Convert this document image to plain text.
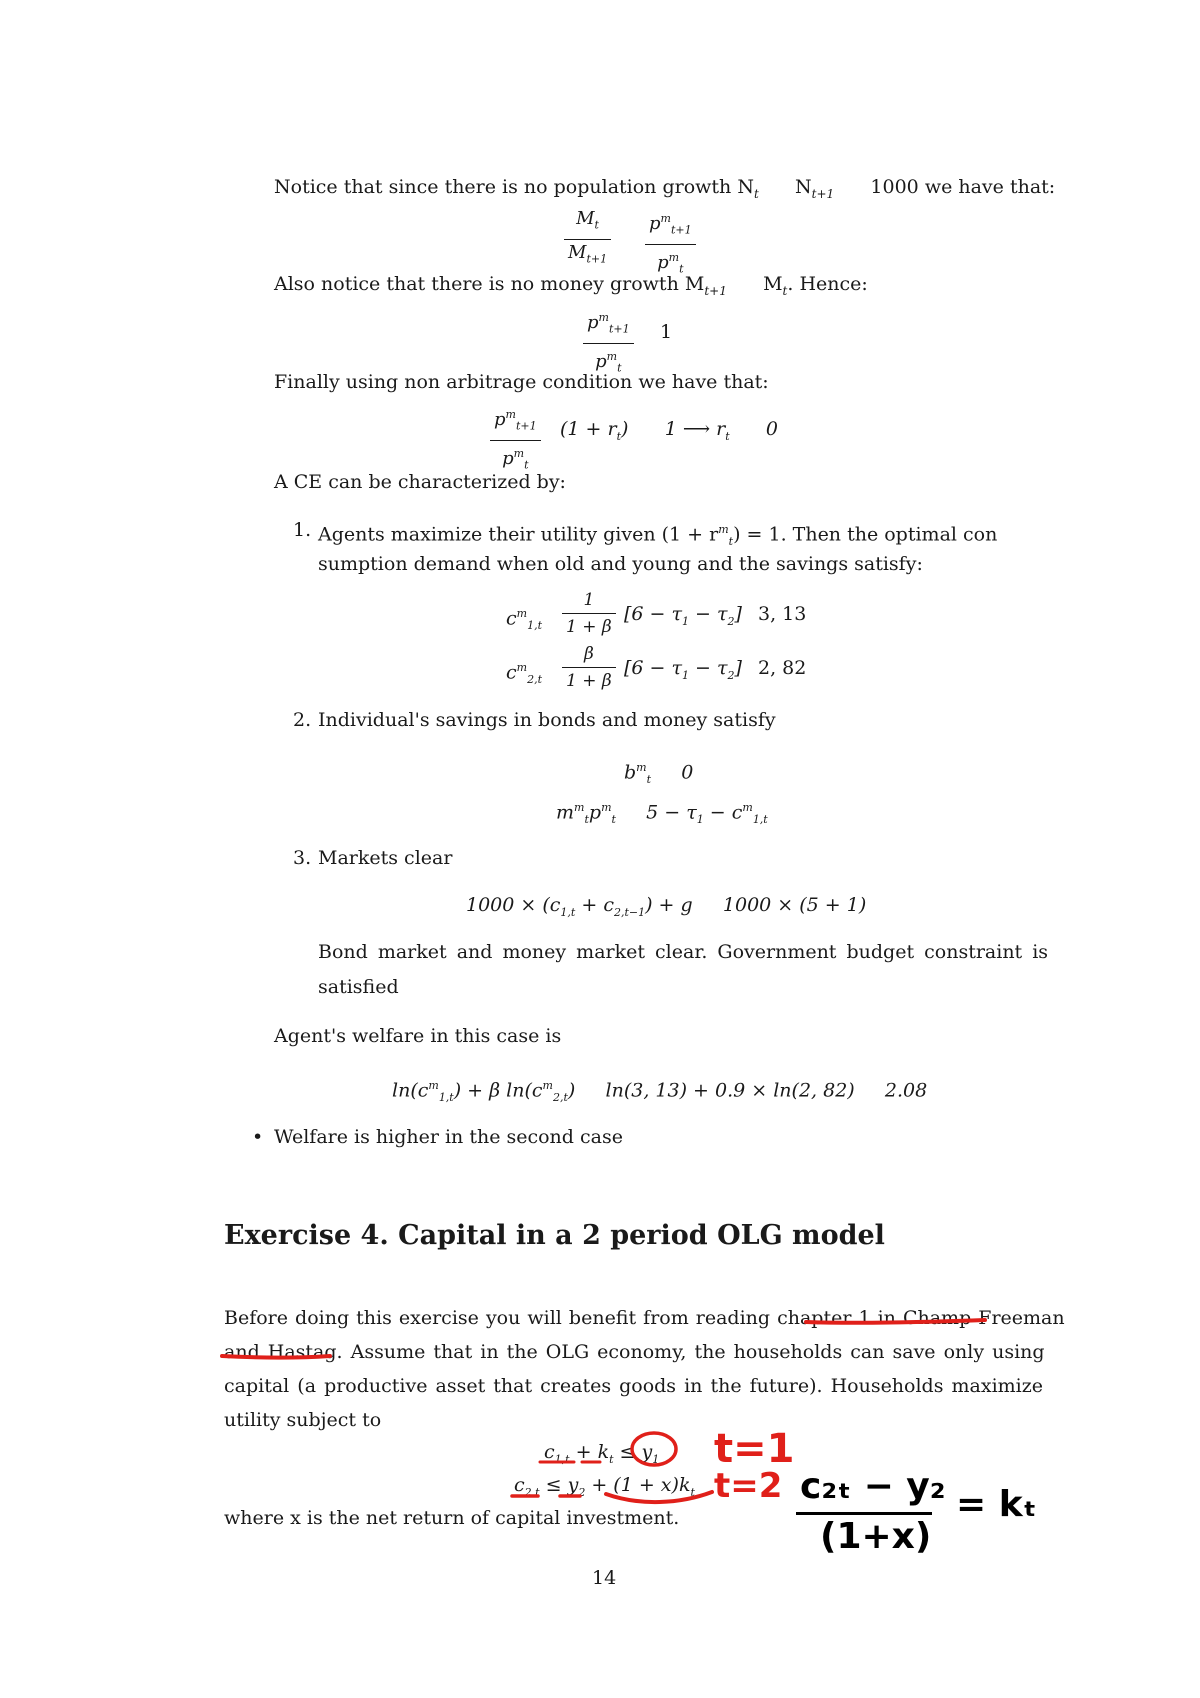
Notice that since there is no population growth $N_t$ $N_{t+1}$ 1000 we have that:
$\frac{M_t}{M_{t+1}} p^m_{t+1}$
$p^m_t$
Also notice that there is no money growth $M_{t+1}$ $M_t$. Hence:
$p^m_{t+1}$
$p^m_t$
1
Finally using non arbitrage condition we have that:
$p^m_{t+1}$
$p^m_t$
$(1 + r_t)$ 1 ⟶ $r_t$ 0
A CE can be characterized by:
1. Agents maximize their utility given $(1 + r^m_t) = 1$. Then the optimal con
sumption demand when old and young and the savings satisfy:
$c^m_{1,t} \frac{1}{1 + \beta} [6 - \tau_1 - \tau_2]$ 3, 13
$c^m_{2,t} \frac{\beta}{1 + \beta} [6 - \tau_1 - \tau_2]$ 2, 82
2. Individual's savings in bonds and money satisfy
$b^m_t$ 0
$m^m_tp^m_t$ $5 - \tau_1 - c^m_{1,t}$
3. Markets clear
$1000 \times (c_{1,t} + c_{2,t-1}) + g$ 1000 × (5 + 1)
Bond market and money market clear. Government budget constraint is
satisfied
Agent's welfare in this case is
$\ln(c^m_{1,t}) + \beta$ $\ln(c^m_{2,t})$ ln(3, 13) + 0.9 × ln(2, 82) 2.08
• Welfare is higher in the second case
Exercise 4. Capital in a 2 period OLG model
Before doing this exercise you will benefit from reading chapter 1 in Champ Freeman
and Hastag. Assume that in the OLG economy, the households can save only using
capital (a productive asset that creates goods in the future). Households maximize
utility subject to
$c_{1,t} + k_t \le y_1$
$c_{2,t} \le y_2 + (1 + x)k_t$
where x is the net return of capital investment.
14
t=1
t=2 c₂ₜ − y₂
(1+x)
= kₜ
